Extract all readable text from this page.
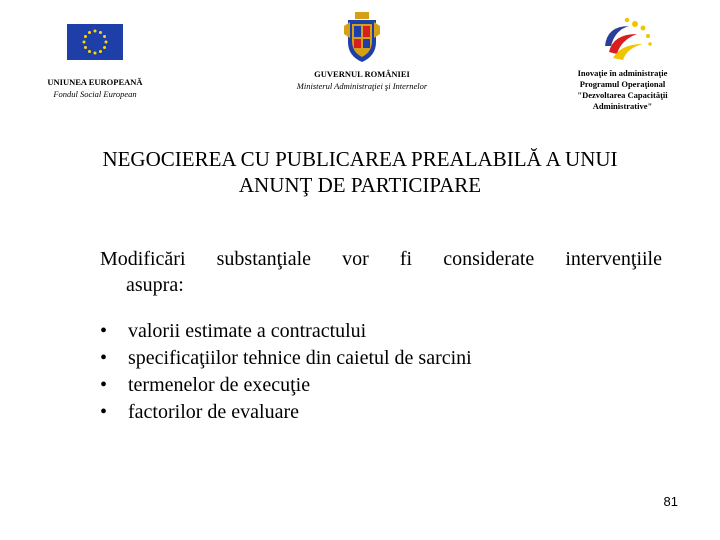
UNIUNEA EUROPEANĂ
Fondul Social European
GUVERNUL ROMÂNIEI
Ministerul Administraţiei şi Internelor
Inovaţie în administraţie
Programul Operaţional
"Dezvoltarea Capacităţii
Administrative"
NEGOCIEREA CU PUBLICAREA PREALABILĂ A UNUI
ANUNŢ DE PARTICIPARE
Modificări substanţiale vor fi considerate intervenţiile
asupra:
• valorii estimate a contractului
• specificaţiilor tehnice din caietul de sarcini
• termenelor de execuţie
• factorilor de evaluare
81
